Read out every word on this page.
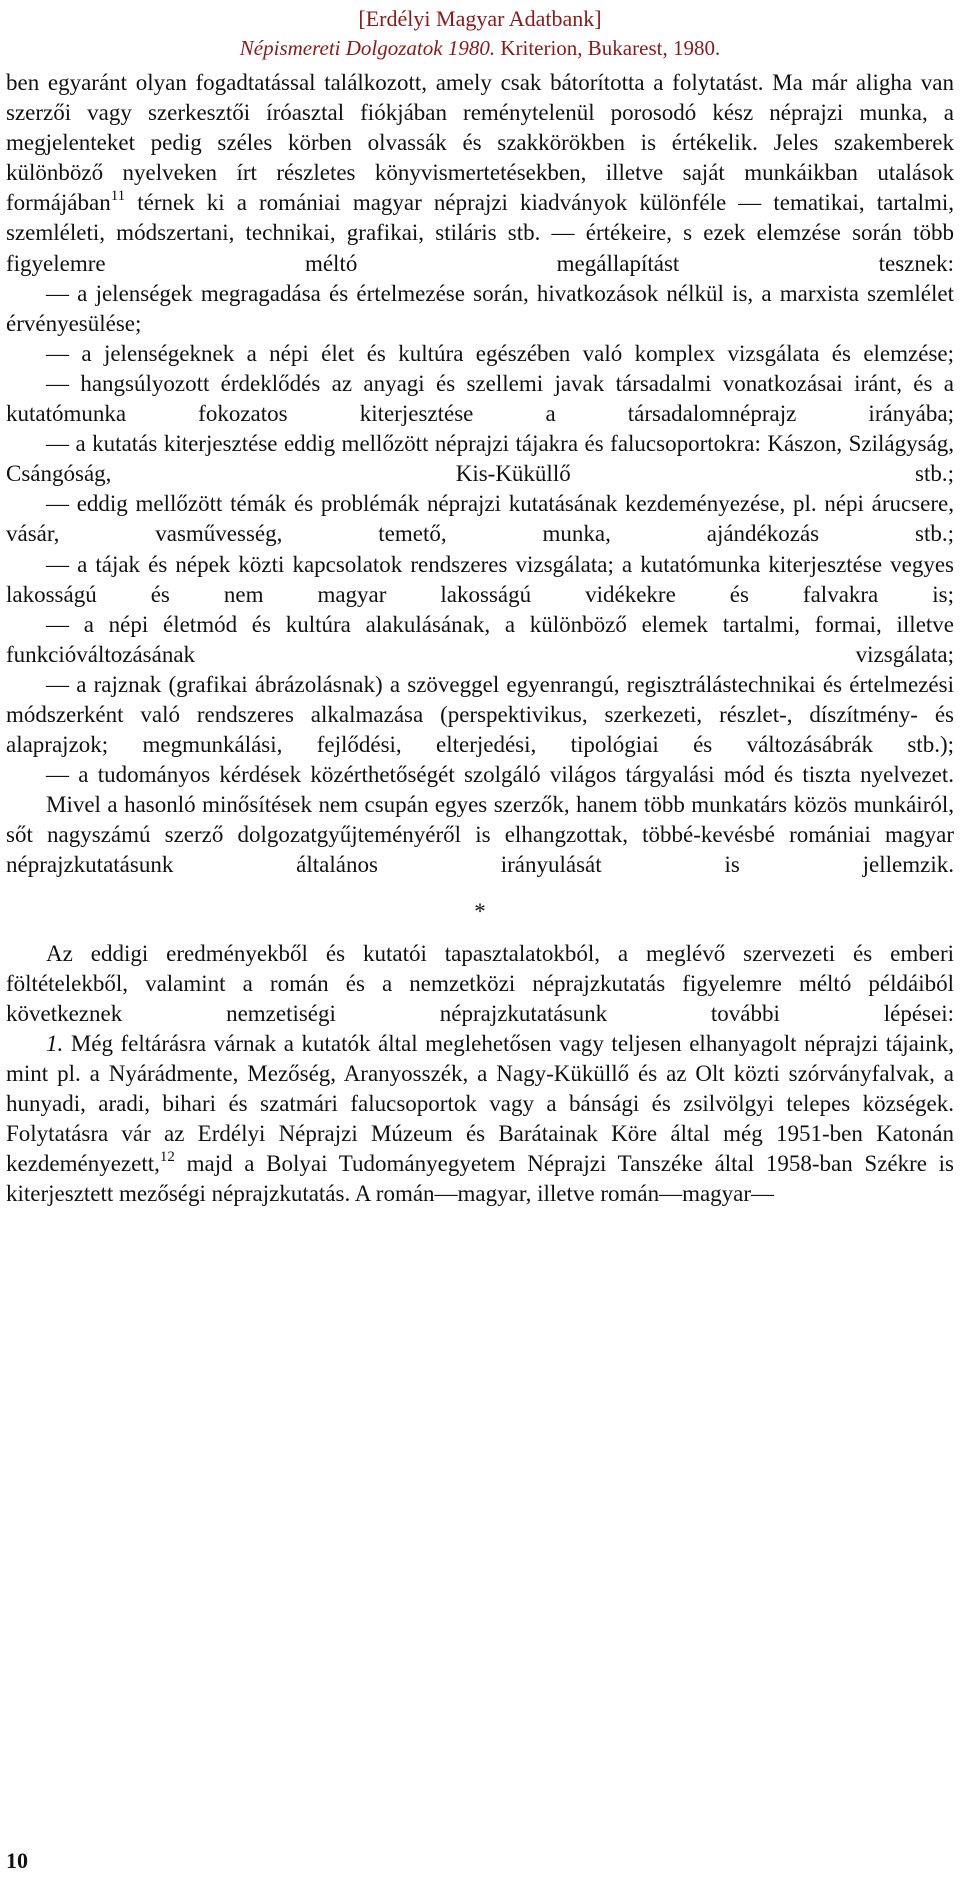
[Erdélyi Magyar Adatbank]
Népismereti Dolgozatok 1980. Kriterion, Bukarest, 1980.

ben egyaránt olyan fogadtatással találkozott, amely csak bátorította a folytatást. Ma már aligha van szerzői vagy szerkesztői íróasztal fiókjában reménytelenül porosodó kész néprajzi munka, a megjelenteket pedig széles körben olvassák és szakkörökben is értékelik. Jeles szakemberek különböző nyelveken írt részletes könyvismertetésekben, illetve saját munkáikban utalások formájában$^{11}$ térnek ki a romániai magyar néprajzi kiadványok különféle — tematikai, tartalmi, szemléleti, módszertani, technikai, grafikai, stiláris stb. — értékeire, s ezek elemzése során több figyelemre méltó megállapítást tesznek:

— a jelenségek megragadása és értelmezése során, hivatkozások nélkül is, a marxista szemlélet érvényesülése;

— a jelenségeknek a népi élet és kultúra egészében való komplex vizsgálata és elemzése;

— hangsúlyozott érdeklődés az anyagi és szellemi javak társadalmi vonatkozásai iránt, és a kutatómunka fokozatos kiterjesztése a társadalomnéprajz irányába;

— a kutatás kiterjesztése eddig mellőzött néprajzi tájakra és falucsoportokra: Kászon, Szilágyság, Csángóság, Kis-Küküllő stb.;

— eddig mellőzött témák és problémák néprajzi kutatásának kezdeményezése, pl. népi árucsere, vásár, vasművesség, temető, munka, ajándékozás stb.;

— a tájak és népek közti kapcsolatok rendszeres vizsgálata; a kutatómunka kiterjesztése vegyes lakosságú és nem magyar lakosságú vidékekre és falvakra is;

— a népi életmód és kultúra alakulásának, a különböző elemek tartalmi, formai, illetve funkcióváltozásának vizsgálata;

— a rajznak (grafikai ábrázolásnak) a szöveggel egyenrangú, regisztrálástechnikai és értelmezési módszerként való rendszeres alkalmazása (perspektivikus, szerkezeti, részlet-, díszítmény- és alaprajzok; megmunkálási, fejlődési, elterjedési, tipológiai és változásábrák stb.);

— a tudományos kérdések közérthetőségét szolgáló világos tárgyalási mód és tiszta nyelvezet.

Mivel a hasonló minősítések nem csupán egyes szerzők, hanem több munkatárs közös munkáiról, sőt nagyszámú szerző dolgozatgyűjteményéről is elhangzottak, többé-kevésbé romániai magyar néprajzkutatásunk általános irányulását is jellemzik.

*

Az eddigi eredményekből és kutatói tapasztalatokból, a meglévő szervezeti és emberi föltételekből, valamint a román és a nemzetközi néprajzkutatás figyelemre méltó példáiból következnek nemzetiségi néprajzkutatásunk további lépései:

1. Még feltárásra várnak a kutatók által meglehetősen vagy teljesen elhanyagolt néprajzi tájaink, mint pl. a Nyárádmente, Mezőség, Aranyosszék, a Nagy-Küküllő és az Olt közti szórványfalvak, a hunyadi, aradi, bihari és szatmári falucsoportok vagy a bánsági és zsilvölgyi telepes községek. Folytatásra vár az Erdélyi Néprajzi Múzeum és Barátainak Köre által még 1951-ben Katonán kezdeményezett,$^{12}$ majd a Bolyai Tudományegyetem Néprajzi Tanszéke által 1958-ban Székre is kiterjesztett mezőségi néprajzkutatás. A román—magyar, illetve román—magyar—

10
